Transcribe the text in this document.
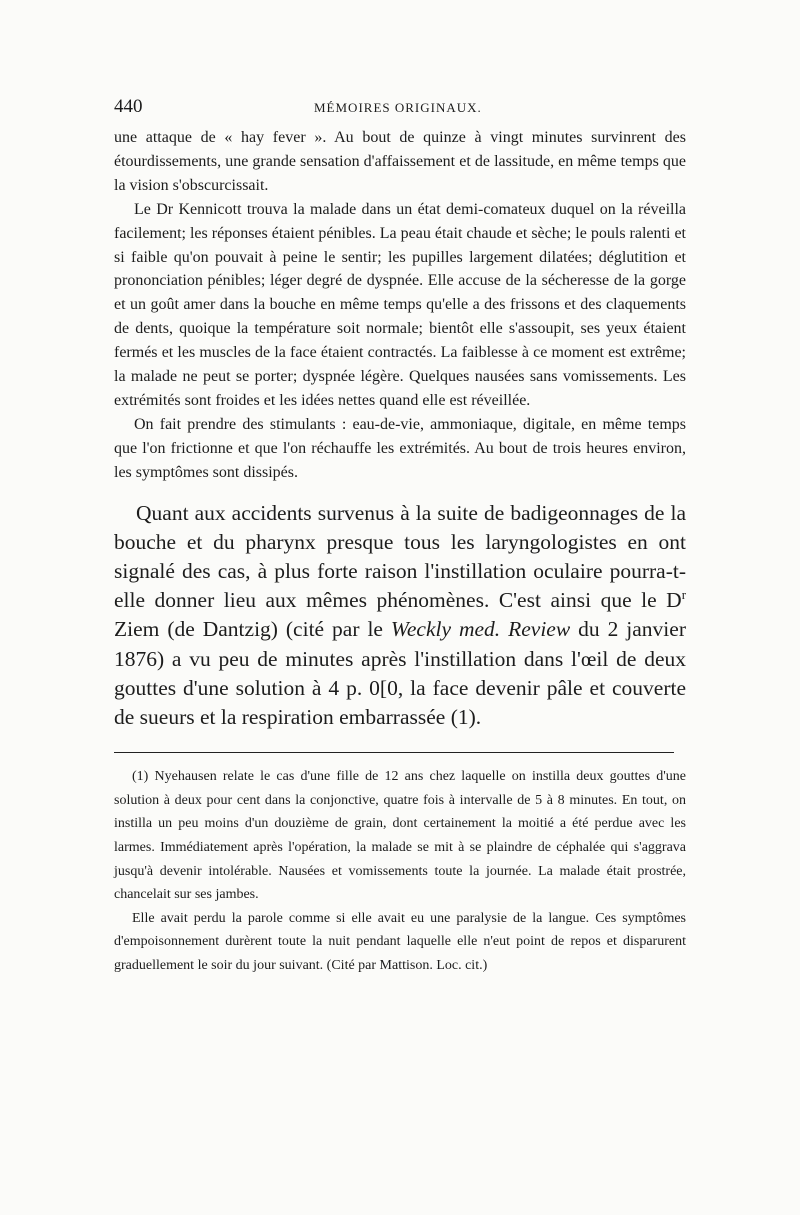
440	MÉMOIRES ORIGINAUX.

une attaque de « hay fever ». Au bout de quinze à vingt minutes survinrent des étourdissements, une grande sensation d'affaissement et de lassitude, en même temps que la vision s'obscurcissait.

Le Dr Kennicott trouva la malade dans un état demi-comateux duquel on la réveilla facilement; les réponses étaient pénibles. La peau était chaude et sèche; le pouls ralenti et si faible qu'on pouvait à peine le sentir; les pupilles largement dilatées; déglutition et prononciation pénibles; léger degré de dyspnée. Elle accuse de la sécheresse de la gorge et un goût amer dans la bouche en même temps qu'elle a des frissons et des claquements de dents, quoique la température soit normale; bientôt elle s'assoupit, ses yeux étaient fermés et les muscles de la face étaient contractés. La faiblesse à ce moment est extrême; la malade ne peut se porter; dyspnée légère. Quelques nausées sans vomissements. Les extrémités sont froides et les idées nettes quand elle est réveillée.

On fait prendre des stimulants : eau-de-vie, ammoniaque, digitale, en même temps que l'on frictionne et que l'on réchauffe les extrémités. Au bout de trois heures environ, les symptômes sont dissipés.

Quant aux accidents survenus à la suite de badigeonnages de la bouche et du pharynx presque tous les laryngologistes en ont signalé des cas, à plus forte raison l'instillation oculaire pourra-t-elle donner lieu aux mêmes phénomènes. C'est ainsi que le $D^r$ Ziem (de Dantzig) (cité par le Weckly med. Review du 2 janvier 1876) a vu peu de minutes après l'instillation dans l'œil de deux gouttes d'une solution à 4 p. 0[0, la face devenir pâle et couverte de sueurs et la respiration embarrassée (1).

(1) Nyehausen relate le cas d'une fille de 12 ans chez laquelle on instilla deux gouttes d'une solution à deux pour cent dans la conjonctive, quatre fois à intervalle de 5 à 8 minutes. En tout, on instilla un peu moins d'un douzième de grain, dont certainement la moitié a été perdue avec les larmes. Immédiatement après l'opération, la malade se mit à se plaindre de céphalée qui s'aggrava jusqu'à devenir intolérable. Nausées et vomissements toute la journée. La malade était prostrée, chancelait sur ses jambes.

Elle avait perdu la parole comme si elle avait eu une paralysie de la langue. Ces symptômes d'empoisonnement durèrent toute la nuit pendant laquelle elle n'eut point de repos et disparurent graduellement le soir du jour suivant. (Cité par Mattison. Loc. cit.)
